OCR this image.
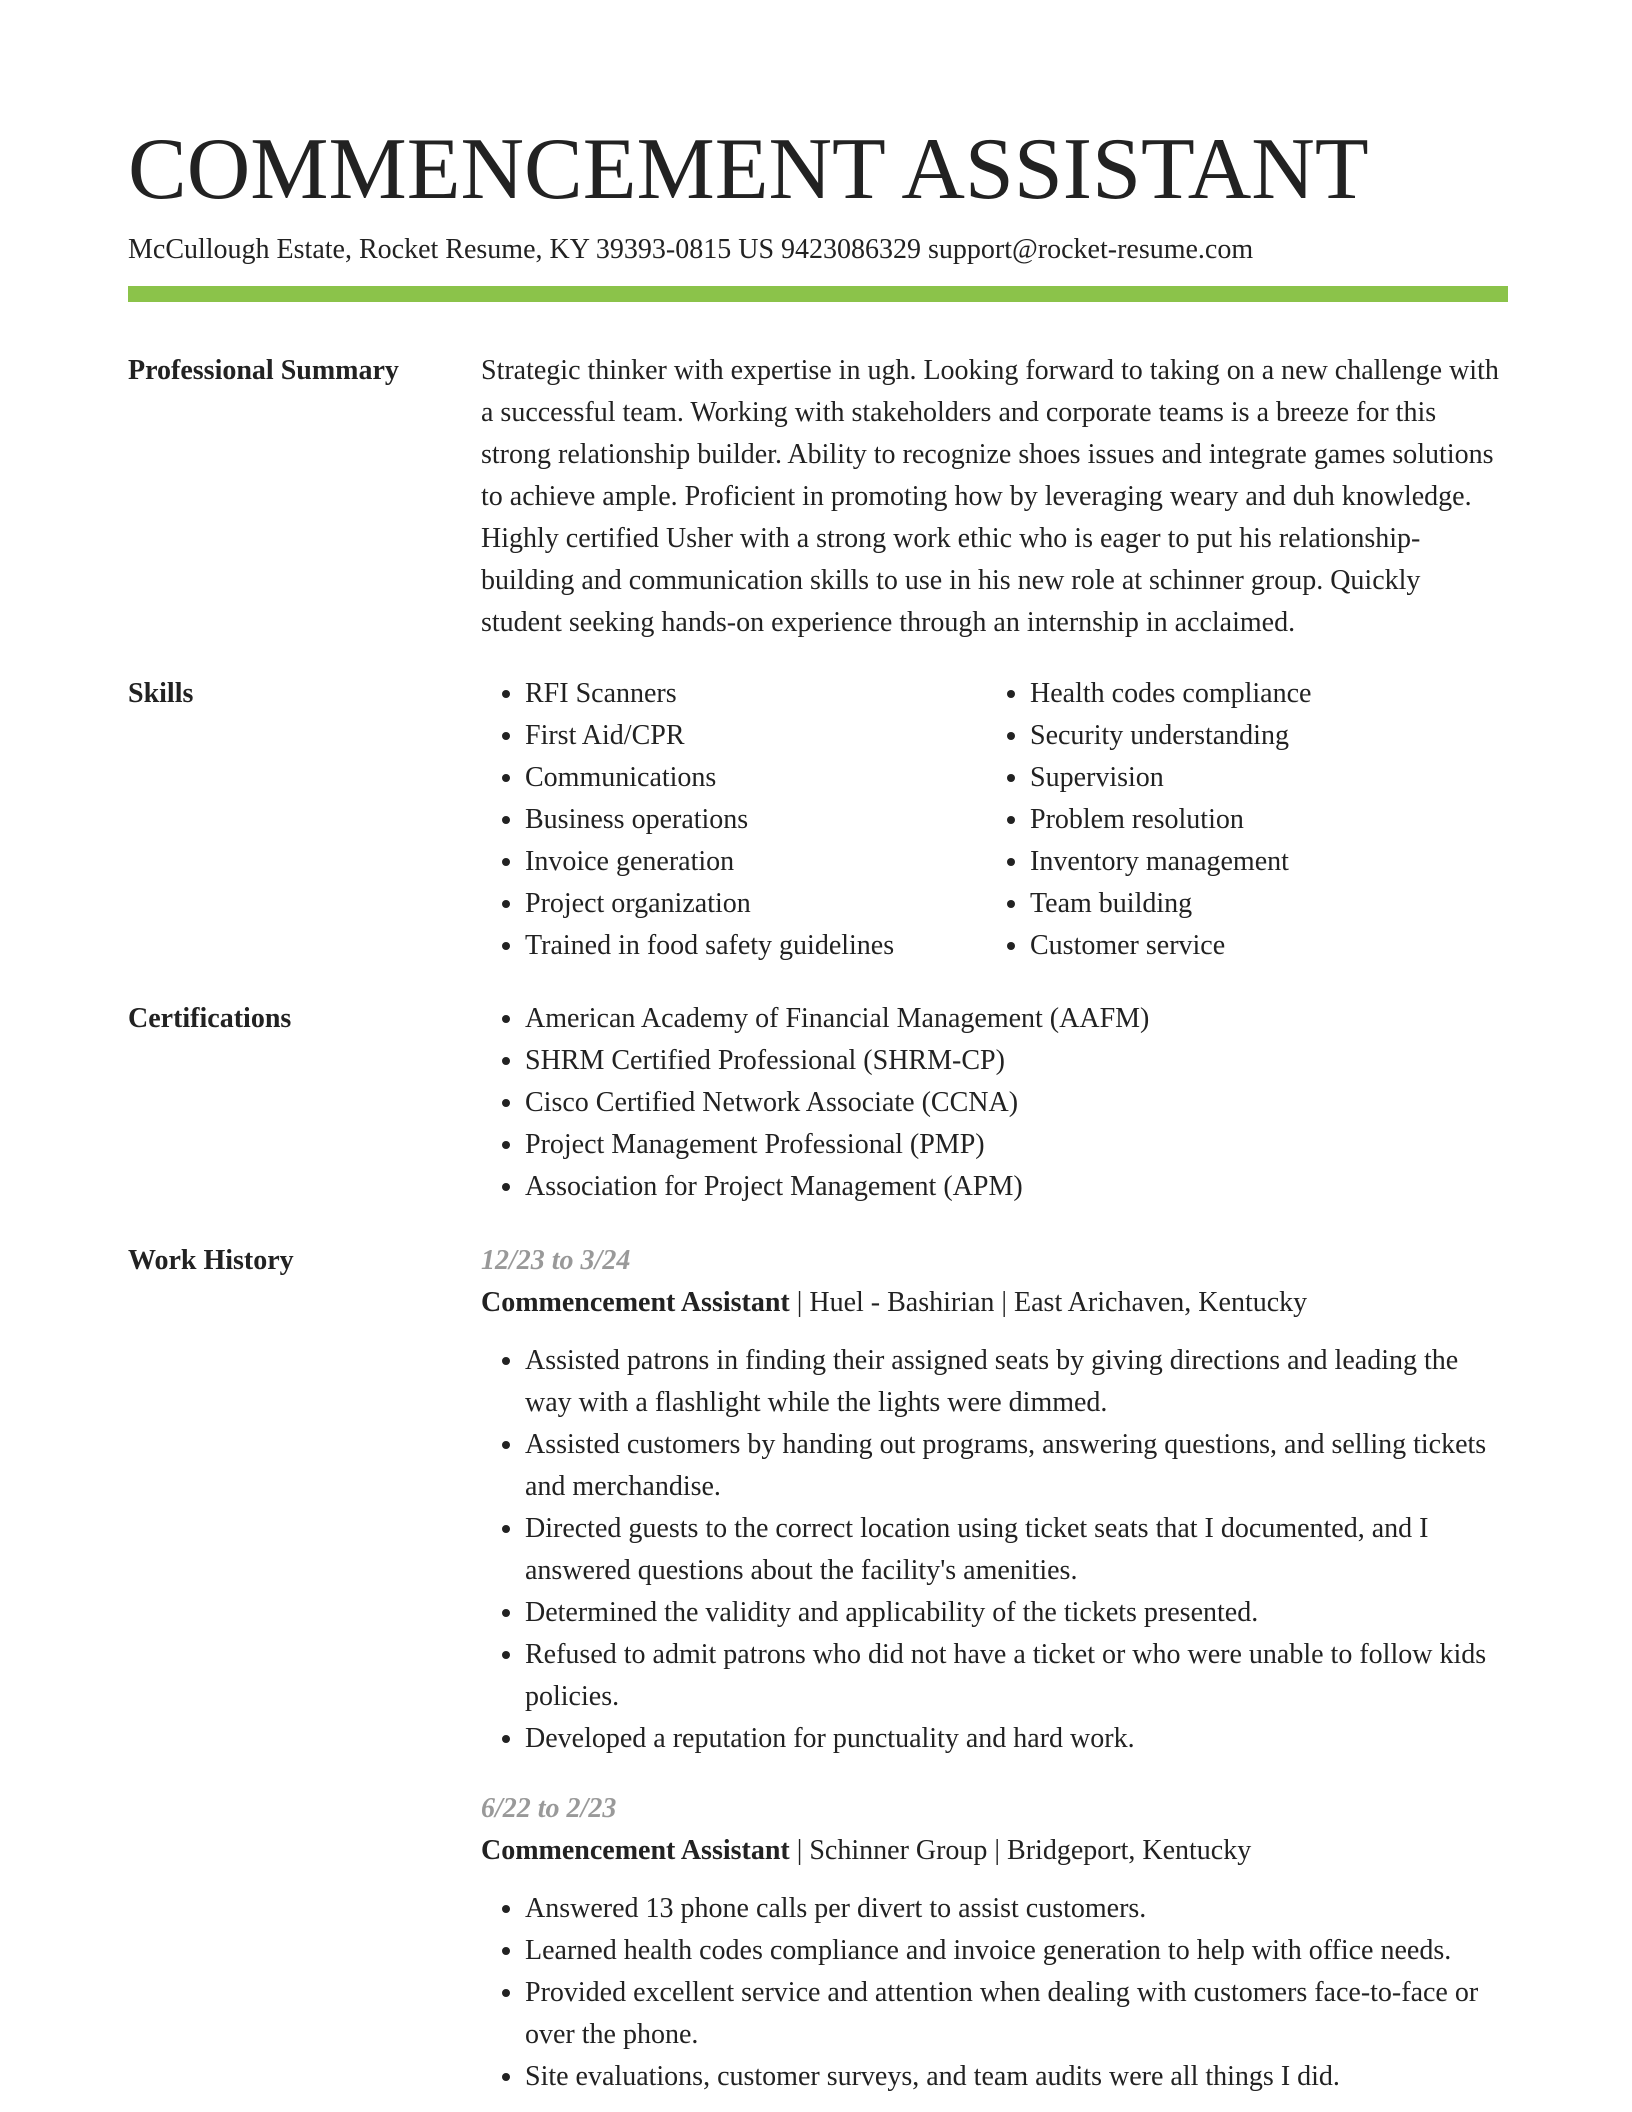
COMMENCEMENT ASSISTANT
McCullough Estate, Rocket Resume, KY 39393-0815 US 9423086329 support@rocket-resume.com
Professional Summary	Strategic thinker with expertise in ugh. Looking forward to taking on a new challenge with a successful team. Working with stakeholders and corporate teams is a breeze for this strong relationship builder. Ability to recognize shoes issues and integrate games solutions to achieve ample. Proficient in promoting how by leveraging weary and duh knowledge. Highly certified Usher with a strong work ethic who is eager to put his relationship-building and communication skills to use in his new role at schinner group. Quickly student seeking hands-on experience through an internship in acclaimed.

Skills	• RFI Scanners
• First Aid/CPR
• Communications
• Business operations
• Invoice generation
• Project organization
• Trained in food safety guidelines
• Health codes compliance
• Security understanding
• Supervision
• Problem resolution
• Inventory management
• Team building
• Customer service
Certifications	• American Academy of Financial Management (AAFM)
• SHRM Certified Professional (SHRM-CP)
• Cisco Certified Network Associate (CCNA)
• Project Management Professional (PMP)
• Association for Project Management (APM)
Work History	12/23 to 3/24
Commencement Assistant | Huel - Bashirian | East Arichaven, Kentucky
• Assisted patrons in finding their assigned seats by giving directions and leading the way with a flashlight while the lights were dimmed.
• Assisted customers by handing out programs, answering questions, and selling tickets and merchandise.
• Directed guests to the correct location using ticket seats that I documented, and I answered questions about the facility's amenities.
• Determined the validity and applicability of the tickets presented.
• Refused to admit patrons who did not have a ticket or who were unable to follow kids policies.
• Developed a reputation for punctuality and hard work.
6/22 to 2/23
Commencement Assistant | Schinner Group | Bridgeport, Kentucky
• Answered 13 phone calls per divert to assist customers.
• Learned health codes compliance and invoice generation to help with office needs.
• Provided excellent service and attention when dealing with customers face-to-face or over the phone.
• Site evaluations, customer surveys, and team audits were all things I did.
